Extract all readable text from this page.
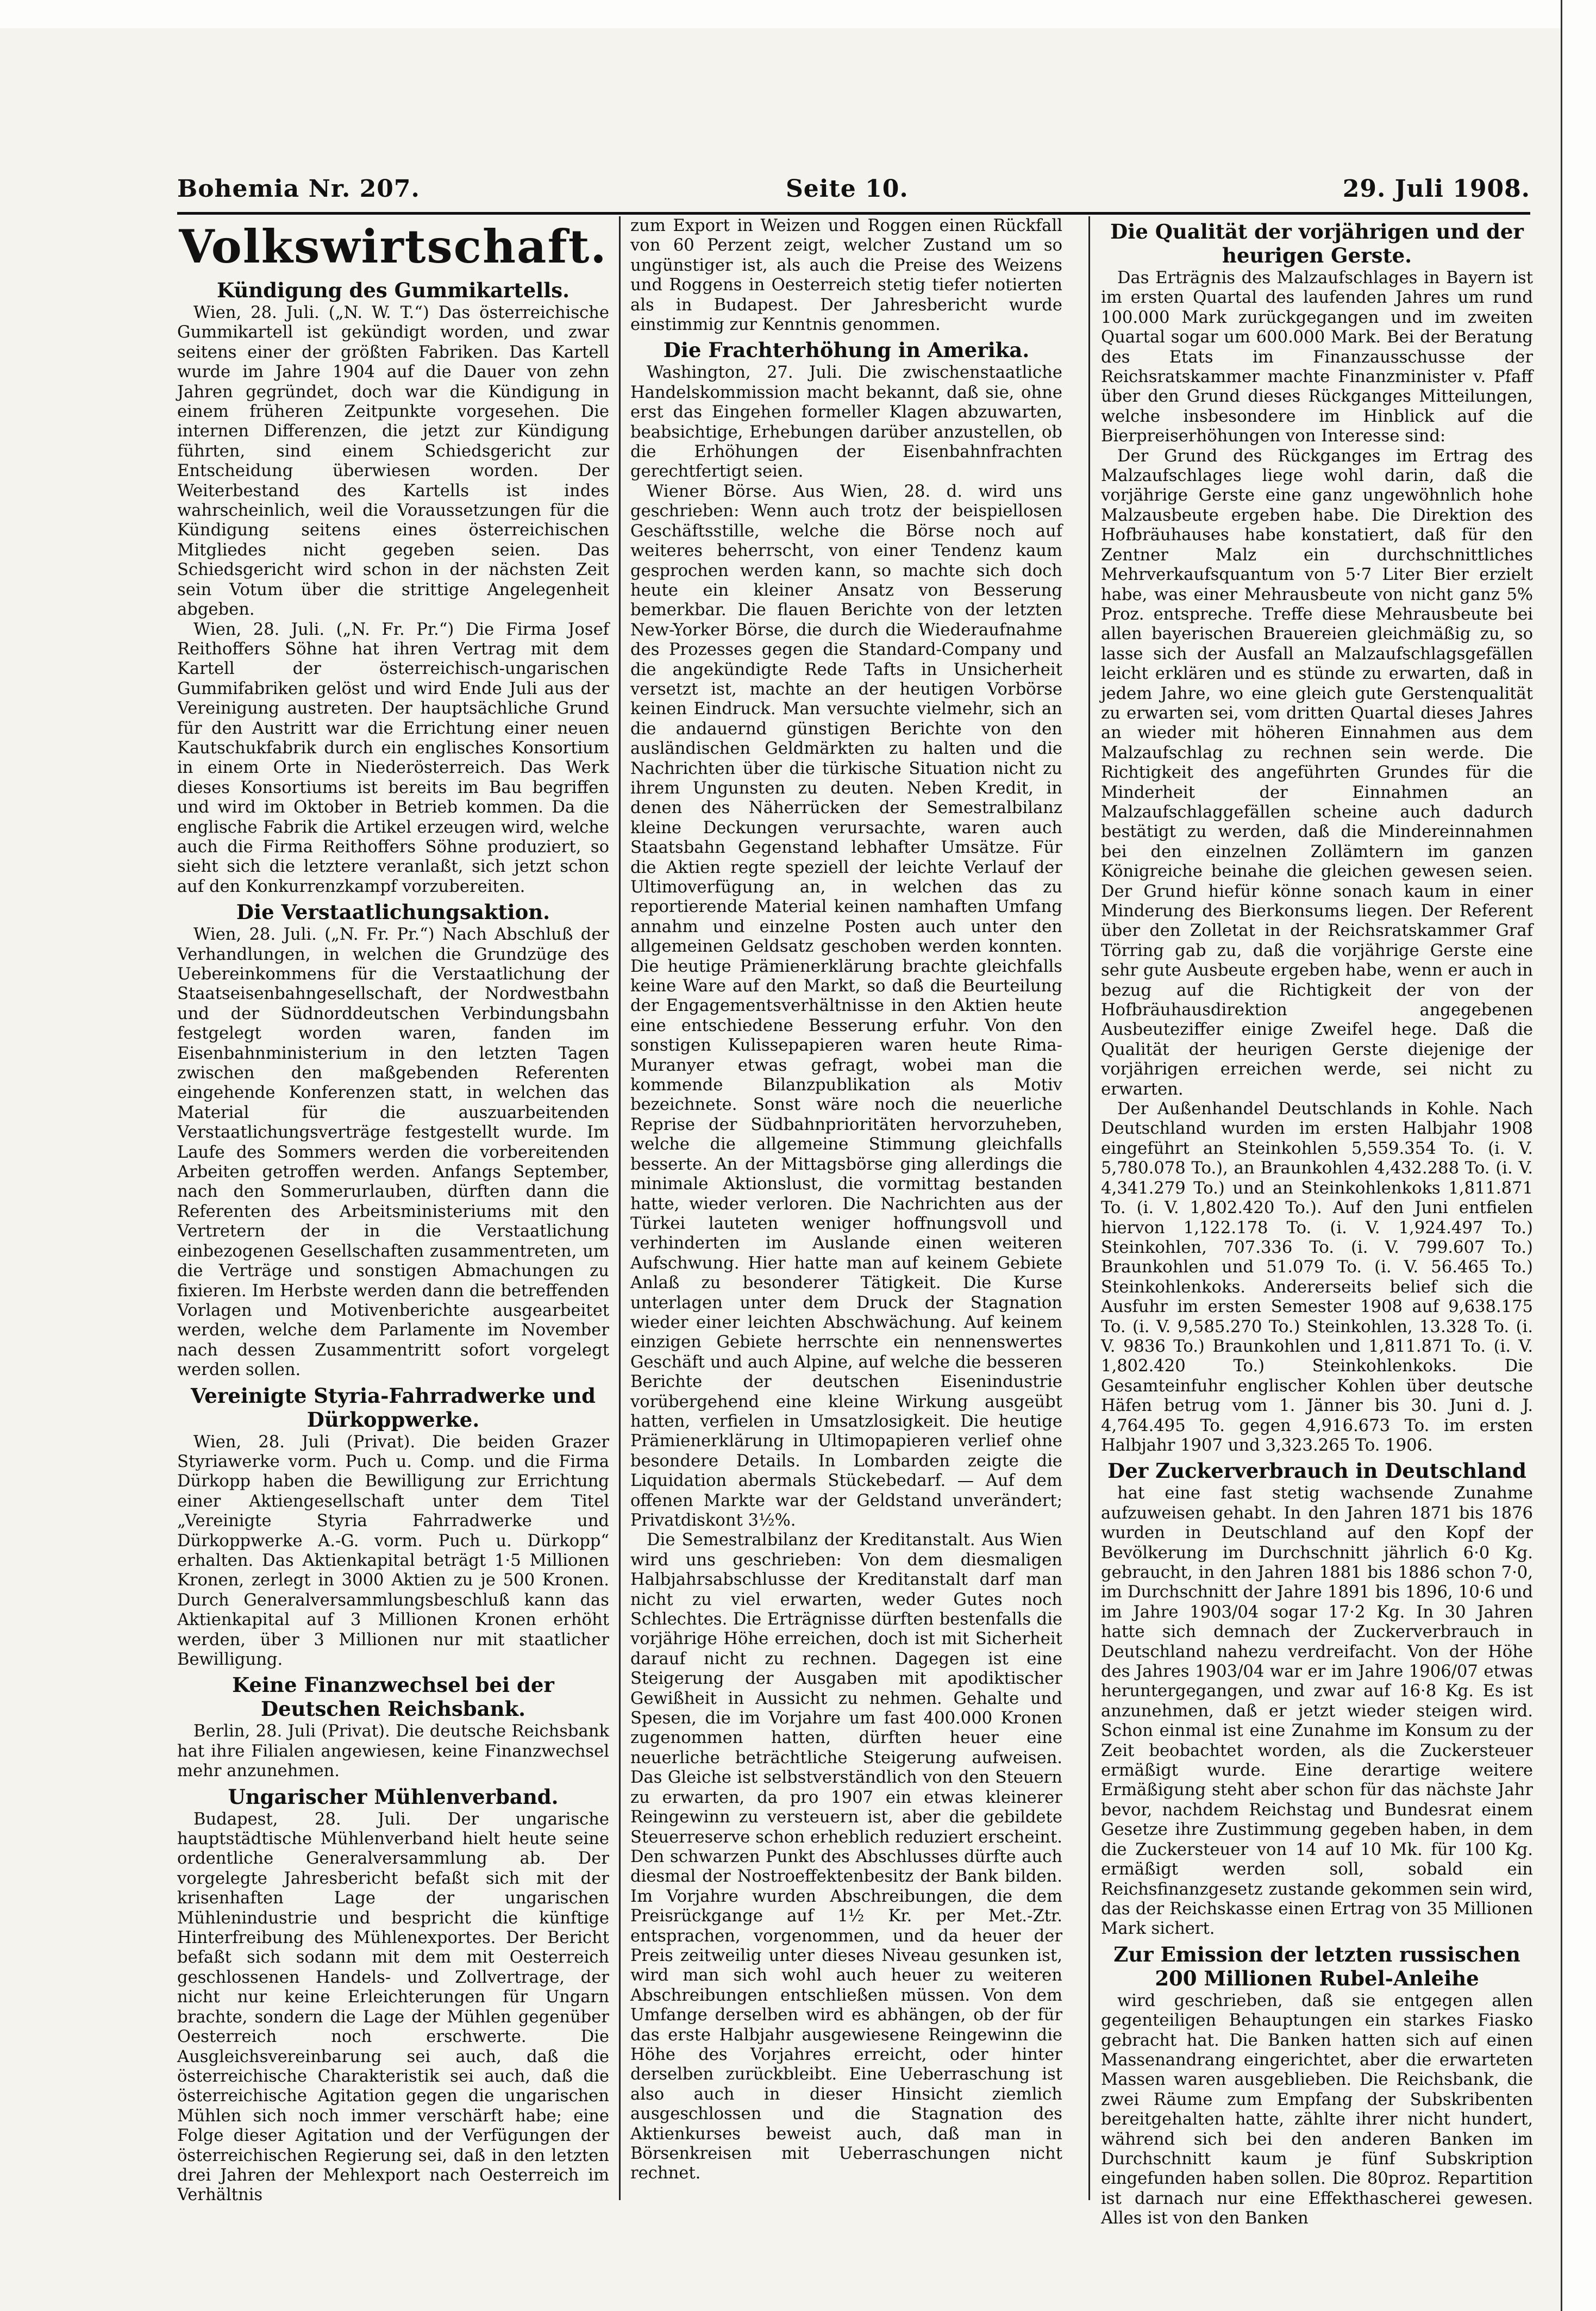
Bohemia Nr. 207.	Seite 10.	29. Juli 1908.
Volkswirtschaft.
Kündigung des Gummikartells.
Wien, 28. Juli. („N. W. T.“) Das österreichische Gummikartell ist gekündigt worden, und zwar seitens einer der größten Fabriken. Das Kartell wurde im Jahre 1904 auf die Dauer von zehn Jahren gegründet, doch war die Kündigung in einem früheren Zeitpunkte vorgesehen. Die internen Differenzen, die jetzt zur Kündigung führten, sind einem Schiedsgericht zur Entscheidung überwiesen worden. Der Weiterbestand des Kartells ist indes wahrscheinlich, weil die Voraussetzungen für die Kündigung seitens eines österreichischen Mitgliedes nicht gegeben seien. Das Schiedsgericht wird schon in der nächsten Zeit sein Votum über die strittige Angelegenheit abgeben.
Wien, 28. Juli. („N. Fr. Pr.“) Die Firma Josef Reithoffers Söhne hat ihren Vertrag mit dem Kartell der österreichisch-ungarischen Gummifabriken gelöst und wird Ende Juli aus der Vereinigung austreten. Der hauptsächliche Grund für den Austritt war die Errichtung einer neuen Kautschukfabrik durch ein englisches Konsortium in einem Orte in Niederösterreich. Das Werk dieses Konsortiums ist bereits im Bau begriffen und wird im Oktober in Betrieb kommen. Da die englische Fabrik die Artikel erzeugen wird, welche auch die Firma Reithoffers Söhne produziert, so sieht sich die letztere veranlaßt, sich jetzt schon auf den Konkurrenzkampf vorzubereiten.
Die Verstaatlichungsaktion.
Wien, 28. Juli. („N. Fr. Pr.“) Nach Abschluß der Verhandlungen, in welchen die Grundzüge des Uebereinkommens für die Verstaatlichung der Staatseisenbahngesellschaft, der Nordwestbahn und der Südnorddeutschen Verbindungsbahn festgelegt worden waren, fanden im Eisenbahnministerium in den letzten Tagen zwischen den maßgebenden Referenten eingehende Konferenzen statt, in welchen das Material für die auszuarbeitenden Verstaatlichungsverträge festgestellt wurde. Im Laufe des Sommers werden die vorbereitenden Arbeiten getroffen werden. Anfangs September, nach den Sommerurlauben, dürften dann die Referenten des Arbeitsministeriums mit den Vertretern der in die Verstaatlichung einbezogenen Gesellschaften zusammentreten, um die Verträge und sonstigen Abmachungen zu fixieren. Im Herbste werden dann die betreffenden Vorlagen und Motivenberichte ausgearbeitet werden, welche dem Parlamente im November nach dessen Zusammentritt sofort vorgelegt werden sollen.
Vereinigte Styria-Fahrradwerke und Dürkoppwerke.
Wien, 28. Juli (Privat). Die beiden Grazer Styriawerke vorm. Puch u. Comp. und die Firma Dürkopp haben die Bewilligung zur Errichtung einer Aktiengesellschaft unter dem Titel „Vereinigte Styria Fahrradwerke und Dürkoppwerke A.-G. vorm. Puch u. Dürkopp“ erhalten. Das Aktienkapital beträgt 1·5 Millionen Kronen, zerlegt in 3000 Aktien zu je 500 Kronen. Durch Generalversammlungsbeschluß kann das Aktienkapital auf 3 Millionen Kronen erhöht werden, über 3 Millionen nur mit staatlicher Bewilligung.
Keine Finanzwechsel bei der Deutschen Reichsbank.
Berlin, 28. Juli (Privat). Die deutsche Reichsbank hat ihre Filialen angewiesen, keine Finanzwechsel mehr anzunehmen.
Ungarischer Mühlenverband.
Budapest, 28. Juli. Der ungarische hauptstädtische Mühlenverband hielt heute seine ordentliche Generalversammlung ab. Der vorgelegte Jahresbericht befaßt sich mit der krisenhaften Lage der ungarischen Mühlenindustrie und bespricht die künftige Hinterfreibung des Mühlenexportes. Der Bericht befaßt sich sodann mit dem mit Oesterreich geschlossenen Handels- und Zollvertrage, der nicht nur keine Erleichterungen für Ungarn brachte, sondern die Lage der Mühlen gegenüber Oesterreich noch erschwerte. Die Ausgleichsvereinbarung sei auch, daß die österreichische Charakteristik sei auch, daß die österreichische Agitation gegen die ungarischen Mühlen sich noch immer verschärft habe; eine Folge dieser Agitation und der Verfügungen der österreichischen Regierung sei, daß in den letzten drei Jahren der Mehlexport nach Oesterreich im Verhältnis
zum Export in Weizen und Roggen einen Rückfall von 60 Perzent zeigt, welcher Zustand um so ungünstiger ist, als auch die Preise des Weizens und Roggens in Oesterreich stetig tiefer notierten als in Budapest. Der Jahresbericht wurde einstimmig zur Kenntnis genommen.
Die Frachterhöhung in Amerika.
Washington, 27. Juli. Die zwischenstaatliche Handelskommission macht bekannt, daß sie, ohne erst das Eingehen formeller Klagen abzuwarten, beabsichtige, Erhebungen darüber anzustellen, ob die Erhöhungen der Eisenbahnfrachten gerechtfertigt seien.
Wiener Börse. Aus Wien, 28. d. wird uns geschrieben: Wenn auch trotz der beispiellosen Geschäftsstille, welche die Börse noch auf weiteres beherrscht, von einer Tendenz kaum gesprochen werden kann, so machte sich doch heute ein kleiner Ansatz von Besserung bemerkbar. Die flauen Berichte von der letzten New-Yorker Börse, die durch die Wiederaufnahme des Prozesses gegen die Standard-Company und die angekündigte Rede Tafts in Unsicherheit versetzt ist, machte an der heutigen Vorbörse keinen Eindruck. Man versuchte vielmehr, sich an die andauernd günstigen Berichte von den ausländischen Geldmärkten zu halten und die Nachrichten über die türkische Situation nicht zu ihrem Ungunsten zu deuten. Neben Kredit, in denen des Näherrücken der Semestralbilanz kleine Deckungen verursachte, waren auch Staatsbahn Gegenstand lebhafter Umsätze. Für die Aktien regte speziell der leichte Verlauf der Ultimoverfügung an, in welchen das zu reportierende Material keinen namhaften Umfang annahm und einzelne Posten auch unter den allgemeinen Geldsatz geschoben werden konnten. Die heutige Prämienerklärung brachte gleichfalls keine Ware auf den Markt, so daß die Beurteilung der Engagementsverhältnisse in den Aktien heute eine entschiedene Besserung erfuhr. Von den sonstigen Kulissepapieren waren heute Rima-Muranyer etwas gefragt, wobei man die kommende Bilanzpublikation als Motiv bezeichnete. Sonst wäre noch die neuerliche Reprise der Südbahnprioritäten hervorzuheben, welche die allgemeine Stimmung gleichfalls besserte. An der Mittagsbörse ging allerdings die minimale Aktionslust, die vormittag bestanden hatte, wieder verloren. Die Nachrichten aus der Türkei lauteten weniger hoffnungsvoll und verhinderten im Auslande einen weiteren Aufschwung. Hier hatte man auf keinem Gebiete Anlaß zu besonderer Tätigkeit. Die Kurse unterlagen unter dem Druck der Stagnation wieder einer leichten Abschwächung. Auf keinem einzigen Gebiete herrschte ein nennenswertes Geschäft und auch Alpine, auf welche die besseren Berichte der deutschen Eisenindustrie vorübergehend eine kleine Wirkung ausgeübt hatten, verfielen in Umsatzlosigkeit. Die heutige Prämienerklärung in Ultimopapieren verlief ohne besondere Details. In Lombarden zeigte die Liquidation abermals Stückebedarf. — Auf dem offenen Markte war der Geldstand unverändert; Privatdiskont 3½%.
Die Semestralbilanz der Kreditanstalt. Aus Wien wird uns geschrieben: Von dem diesmaligen Halbjahrsabschlusse der Kreditanstalt darf man nicht zu viel erwarten, weder Gutes noch Schlechtes. Die Erträgnisse dürften bestenfalls die vorjährige Höhe erreichen, doch ist mit Sicherheit darauf nicht zu rechnen. Dagegen ist eine Steigerung der Ausgaben mit apodiktischer Gewißheit in Aussicht zu nehmen. Gehalte und Spesen, die im Vorjahre um fast 400.000 Kronen zugenommen hatten, dürften heuer eine neuerliche beträchtliche Steigerung aufweisen. Das Gleiche ist selbstverständlich von den Steuern zu erwarten, da pro 1907 ein etwas kleinerer Reingewinn zu versteuern ist, aber die gebildete Steuerreserve schon erheblich reduziert erscheint. Den schwarzen Punkt des Abschlusses dürfte auch diesmal der Nostroeffektenbesitz der Bank bilden. Im Vorjahre wurden Abschreibungen, die dem Preisrückgange auf 1½ Kr. per Met.-Ztr. entsprachen, vorgenommen, und da heuer der Preis zeitweilig unter dieses Niveau gesunken ist, wird man sich wohl auch heuer zu weiteren Abschreibungen entschließen müssen. Von dem Umfange derselben wird es abhängen, ob der für das erste Halbjahr ausgewiesene Reingewinn die Höhe des Vorjahres erreicht, oder hinter derselben zurückbleibt. Eine Ueberraschung ist also auch in dieser Hinsicht ziemlich ausgeschlossen und die Stagnation des Aktienkurses beweist auch, daß man in Börsenkreisen mit Ueberraschungen nicht rechnet.
Die Qualität der vorjährigen und der heurigen Gerste.
Das Erträgnis des Malzaufschlages in Bayern ist im ersten Quartal des laufenden Jahres um rund 100.000 Mark zurückgegangen und im zweiten Quartal sogar um 600.000 Mark. Bei der Beratung des Etats im Finanzausschusse der Reichsratskammer machte Finanzminister v. Pfaff über den Grund dieses Rückganges Mitteilungen, welche insbesondere im Hinblick auf die Bierpreiserhöhungen von Interesse sind:
Der Grund des Rückganges im Ertrag des Malzaufschlages liege wohl darin, daß die vorjährige Gerste eine ganz ungewöhnlich hohe Malzausbeute ergeben habe. Die Direktion des Hofbräuhauses habe konstatiert, daß für den Zentner Malz ein durchschnittliches Mehrverkaufsquantum von 5·7 Liter Bier erzielt habe, was einer Mehrausbeute von nicht ganz 5% Proz. entspreche. Treffe diese Mehrausbeute bei allen bayerischen Brauereien gleichmäßig zu, so lasse sich der Ausfall an Malzaufschlagsgefällen leicht erklären und es stünde zu erwarten, daß in jedem Jahre, wo eine gleich gute Gerstenqualität zu erwarten sei, vom dritten Quartal dieses Jahres an wieder mit höheren Einnahmen aus dem Malzaufschlag zu rechnen sein werde. Die Richtigkeit des angeführten Grundes für die Minderheit der Einnahmen an Malzaufschlaggefällen scheine auch dadurch bestätigt zu werden, daß die Mindereinnahmen bei den einzelnen Zollämtern im ganzen Königreiche beinahe die gleichen gewesen seien. Der Grund hiefür könne sonach kaum in einer Minderung des Bierkonsums liegen. Der Referent über den Zolletat in der Reichsratskammer Graf Törring gab zu, daß die vorjährige Gerste eine sehr gute Ausbeute ergeben habe, wenn er auch in bezug auf die Richtigkeit der von der Hofbräuhausdirektion angegebenen Ausbeuteziffer einige Zweifel hege. Daß die Qualität der heurigen Gerste diejenige der vorjährigen erreichen werde, sei nicht zu erwarten.
Der Außenhandel Deutschlands in Kohle. Nach Deutschland wurden im ersten Halbjahr 1908 eingeführt an Steinkohlen 5,559.354 To. (i. V. 5,780.078 To.), an Braunkohlen 4,432.288 To. (i. V. 4,341.279 To.) und an Steinkohlenkoks 1,811.871 To. (i. V. 1,802.420 To.). Auf den Juni entfielen hiervon 1,122.178 To. (i. V. 1,924.497 To.) Steinkohlen, 707.336 To. (i. V. 799.607 To.) Braunkohlen und 51.079 To. (i. V. 56.465 To.) Steinkohlenkoks. Andererseits belief sich die Ausfuhr im ersten Semester 1908 auf 9,638.175 To. (i. V. 9,585.270 To.) Steinkohlen, 13.328 To. (i. V. 9836 To.) Braunkohlen und 1,811.871 To. (i. V. 1,802.420 To.) Steinkohlenkoks. Die Gesamteinfuhr englischer Kohlen über deutsche Häfen betrug vom 1. Jänner bis 30. Juni d. J. 4,764.495 To. gegen 4,916.673 To. im ersten Halbjahr 1907 und 3,323.265 To. 1906.
Der Zuckerverbrauch in Deutschland
hat eine fast stetig wachsende Zunahme aufzuweisen gehabt. In den Jahren 1871 bis 1876 wurden in Deutschland auf den Kopf der Bevölkerung im Durchschnitt jährlich 6·0 Kg. gebraucht, in den Jahren 1881 bis 1886 schon 7·0, im Durchschnitt der Jahre 1891 bis 1896, 10·6 und im Jahre 1903/04 sogar 17·2 Kg. In 30 Jahren hatte sich demnach der Zuckerverbrauch in Deutschland nahezu verdreifacht. Von der Höhe des Jahres 1903/04 war er im Jahre 1906/07 etwas heruntergegangen, und zwar auf 16·8 Kg. Es ist anzunehmen, daß er jetzt wieder steigen wird. Schon einmal ist eine Zunahme im Konsum zu der Zeit beobachtet worden, als die Zuckersteuer ermäßigt wurde. Eine derartige weitere Ermäßigung steht aber schon für das nächste Jahr bevor, nachdem Reichstag und Bundesrat einem Gesetze ihre Zustimmung gegeben haben, in dem die Zuckersteuer von 14 auf 10 Mk. für 100 Kg. ermäßigt werden soll, sobald ein Reichsfinanzgesetz zustande gekommen sein wird, das der Reichskasse einen Ertrag von 35 Millionen Mark sichert.
Zur Emission der letzten russischen 200 Millionen Rubel-Anleihe
wird geschrieben, daß sie entgegen allen gegenteiligen Behauptungen ein starkes Fiasko gebracht hat. Die Banken hatten sich auf einen Massenandrang eingerichtet, aber die erwarteten Massen waren ausgeblieben. Die Reichsbank, die zwei Räume zum Empfang der Subskribenten bereitgehalten hatte, zählte ihrer nicht hundert, während sich bei den anderen Banken im Durchschnitt kaum je fünf Subskription eingefunden haben sollen. Die 80proz. Repartition ist darnach nur eine Effekthascherei gewesen. Alles ist von den Banken
